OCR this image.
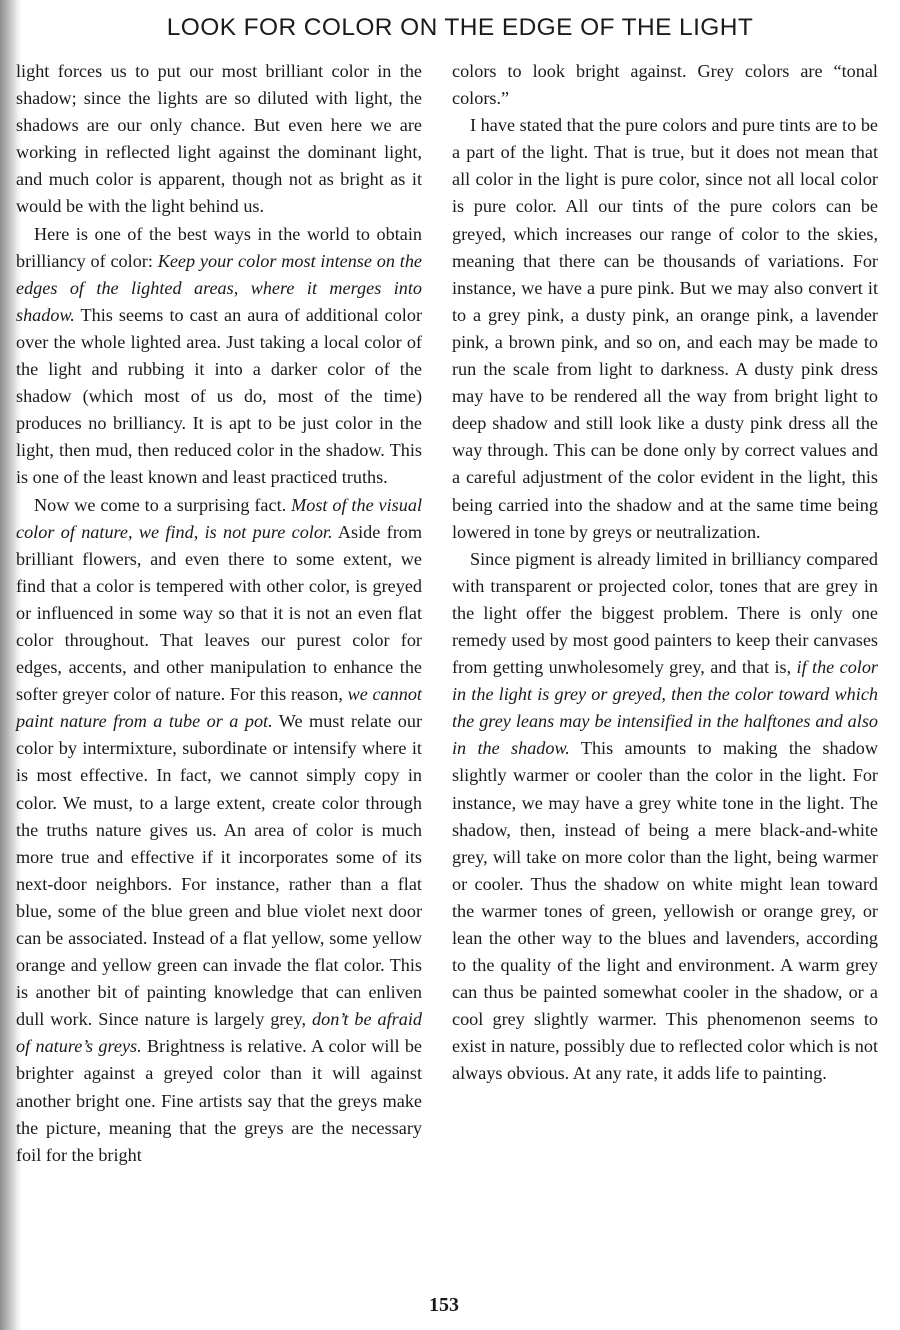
LOOK FOR COLOR ON THE EDGE OF THE LIGHT

light forces us to put our most brilliant color in the shadow; since the lights are so diluted with light, the shadows are our only chance. But even here we are working in reflected light against the dominant light, and much color is apparent, though not as bright as it would be with the light behind us.

Here is one of the best ways in the world to obtain brilliancy of color: Keep your color most intense on the edges of the lighted areas, where it merges into shadow. This seems to cast an aura of additional color over the whole lighted area. Just taking a local color of the light and rubbing it into a darker color of the shadow (which most of us do, most of the time) produces no brilliancy. It is apt to be just color in the light, then mud, then reduced color in the shadow. This is one of the least known and least practiced truths.

Now we come to a surprising fact. Most of the visual color of nature, we find, is not pure color. Aside from brilliant flowers, and even there to some extent, we find that a color is tempered with other color, is greyed or influenced in some way so that it is not an even flat color throughout. That leaves our purest color for edges, accents, and other manipulation to enhance the softer greyer color of nature. For this reason, we cannot paint nature from a tube or a pot. We must relate our color by intermixture, subordinate or intensify where it is most effective. In fact, we cannot simply copy in color. We must, to a large extent, create color through the truths nature gives us. An area of color is much more true and effective if it incorporates some of its next-door neighbors. For instance, rather than a flat blue, some of the blue green and blue violet next door can be associated. Instead of a flat yellow, some yellow orange and yellow green can invade the flat color. This is another bit of painting knowledge that can enliven dull work. Since nature is largely grey, don’t be afraid of nature’s greys. Brightness is relative. A color will be brighter against a greyed color than it will against another bright one. Fine artists say that the greys make the picture, meaning that the greys are the necessary foil for the bright

colors to look bright against. Grey colors are “tonal colors.”

I have stated that the pure colors and pure tints are to be a part of the light. That is true, but it does not mean that all color in the light is pure color, since not all local color is pure color. All our tints of the pure colors can be greyed, which increases our range of color to the skies, meaning that there can be thousands of variations. For instance, we have a pure pink. But we may also convert it to a grey pink, a dusty pink, an orange pink, a lavender pink, a brown pink, and so on, and each may be made to run the scale from light to darkness. A dusty pink dress may have to be rendered all the way from bright light to deep shadow and still look like a dusty pink dress all the way through. This can be done only by correct values and a careful adjustment of the color evident in the light, this being carried into the shadow and at the same time being lowered in tone by greys or neutralization.

Since pigment is already limited in brilliancy compared with transparent or projected color, tones that are grey in the light offer the biggest problem. There is only one remedy used by most good painters to keep their canvases from getting unwholesomely grey, and that is, if the color in the light is grey or greyed, then the color toward which the grey leans may be intensified in the halftones and also in the shadow. This amounts to making the shadow slightly warmer or cooler than the color in the light. For instance, we may have a grey white tone in the light. The shadow, then, instead of being a mere black-and-white grey, will take on more color than the light, being warmer or cooler. Thus the shadow on white might lean toward the warmer tones of green, yellowish or orange grey, or lean the other way to the blues and lavenders, according to the quality of the light and environment. A warm grey can thus be painted somewhat cooler in the shadow, or a cool grey slightly warmer. This phenomenon seems to exist in nature, possibly due to reflected color which is not always obvious. At any rate, it adds life to painting.

153
